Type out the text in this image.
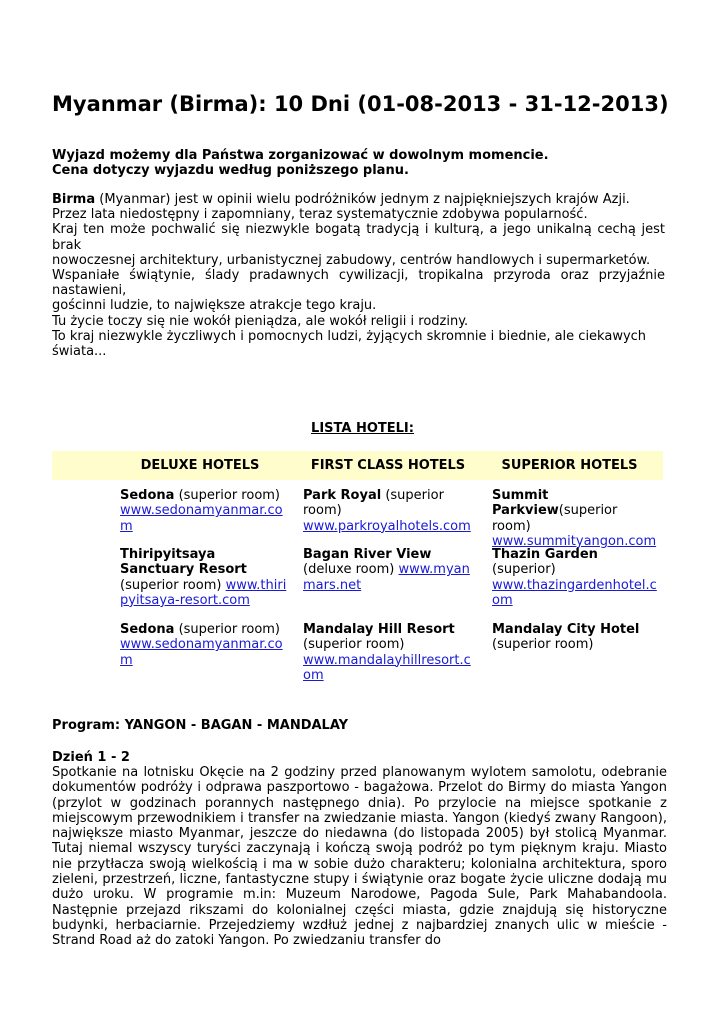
Myanmar (Birma): 10 Dni (01-08-2013 - 31-12-2013)
Wyjazd możemy dla Państwa zorganizować w dowolnym momencie.
Cena dotyczy wyjazdu według poniższego planu.

Birma (Myanmar) jest w opinii wielu podróżników jednym z najpiękniejszych krajów Azji.

Przez lata niedostępny i zapomniany, teraz systematycznie zdobywa popularność.

Kraj ten może pochwalić się niezwykle bogatą tradycją i kulturą, a jego unikalną cechą jest brak

nowoczesnej architektury, urbanistycznej zabudowy, centrów handlowych i supermarketów.

Wspaniałe świątynie, ślady pradawnych cywilizacji, tropikalna przyroda oraz przyjaźnie nastawieni,

gościnni ludzie, to największe atrakcje tego kraju.

Tu życie toczy się nie wokół pieniądza, ale wokół religii i rodziny.

To kraj niezwykle życzliwych i pomocnych ludzi, żyjących skromnie i biednie, ale ciekawych świata...

LISTA HOTELI:
DELUXE HOTELS	FIRST CLASS HOTELS	SUPERIOR HOTELS
Sedona (superior room)
www.sedonamyanmar.com
Park Royal (superior room)
www.parkroyalhotels.com
Summit Parkview(superior room)
www.summityangon.com
Thiripyitsaya Sanctuary Resort (superior room) www.thiripyitsaya-resort.com
Bagan River View (deluxe room) www.myanmars.net
Thazin Garden (superior)
www.thazingardenhotel.com
Sedona (superior room)
www.sedonamyanmar.com
Mandalay Hill Resort (superior room)
www.mandalayhillresort.com
Mandalay City Hotel
(superior room)
Program: YANGON - BAGAN - MANDALAY
Dzień 1 - 2
Spotkanie na lotnisku Okęcie na 2 godziny przed planowanym wylotem samolotu, odebranie dokumentów podróży i odprawa paszportowo - bagażowa. Przelot do Birmy do miasta Yangon (przylot w godzinach porannych następnego dnia). Po przylocie na miejsce spotkanie z miejscowym przewodnikiem i transfer na zwiedzanie miasta. Yangon (kiedyś zwany Rangoon), największe miasto Myanmar, jeszcze do niedawna (do listopada 2005) był stolicą Myanmar. Tutaj niemal wszyscy turyści zaczynają i kończą swoją podróż po tym pięknym kraju. Miasto nie przytłacza swoją wielkością i ma w sobie dużo charakteru; kolonialna architektura, sporo zieleni, przestrzeń, liczne, fantastyczne stupy i świątynie oraz bogate życie uliczne dodają mu dużo uroku. W programie m.in: Muzeum Narodowe, Pagoda Sule, Park Mahabandoola. Następnie przejazd rikszami do kolonialnej części miasta, gdzie znajdują się historyczne budynki, herbaciarnie. Przejedziemy wzdłuż jednej z najbardziej znanych ulic w mieście - Strand Road aż do zatoki Yangon. Po zwiedzaniu transfer do
